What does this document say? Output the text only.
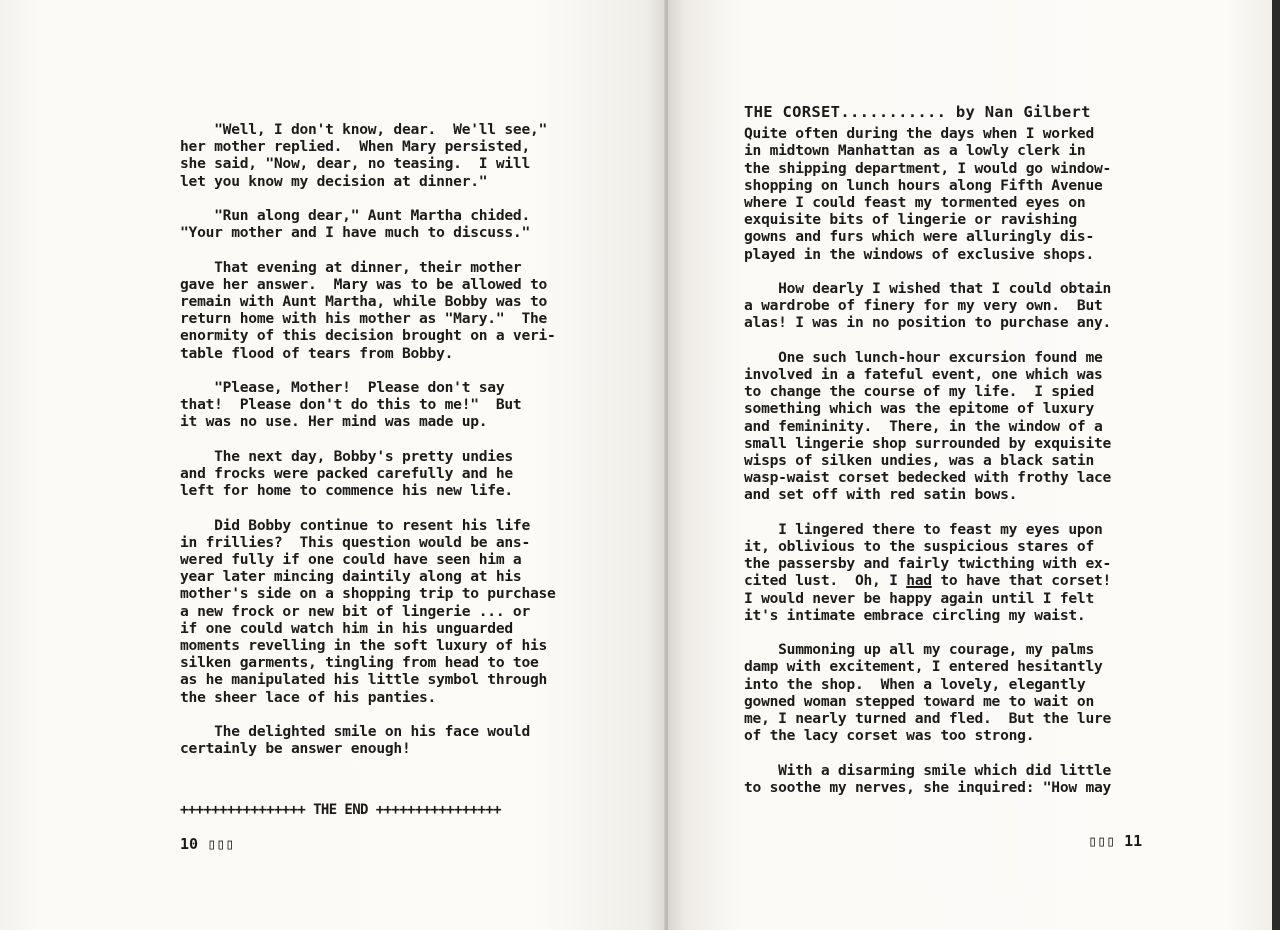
"Well, I don't know, dear.  We'll see,"
her mother replied.  When Mary persisted,
she said, "Now, dear, no teasing.  I will
let you know my decision at dinner."

"Run along dear," Aunt Martha chided.
"Your mother and I have much to discuss."

That evening at dinner, their mother
gave her answer.  Mary was to be allowed to
remain with Aunt Martha, while Bobby was to
return home with his mother as "Mary."  The
enormity of this decision brought on a veri-
table flood of tears from Bobby.

"Please, Mother!  Please don't say
that!  Please don't do this to me!"  But
it was no use. Her mind was made up.

The next day, Bobby's pretty undies
and frocks were packed carefully and he
left for home to commence his new life.

Did Bobby continue to resent his life
in frillies?  This question would be ans-
wered fully if one could have seen him a
year later mincing daintily along at his
mother's side on a shopping trip to purchase
a new frock or new bit of lingerie ... or
if one could watch him in his unguarded
moments revelling in the soft luxury of his
silken garments, tingling from head to toe
as he manipulated his little symbol through
the sheer lace of his panties.

The delighted smile on his face would
certainly be answer enough!

++++++++++++++++ THE END ++++++++++++++++
10 ▯▯▯

THE CORSET........... by Nan Gilbert

Quite often during the days when I worked
in midtown Manhattan as a lowly clerk in
the shipping department, I would go window-
shopping on lunch hours along Fifth Avenue
where I could feast my tormented eyes on
exquisite bits of lingerie or ravishing
gowns and furs which were alluringly dis-
played in the windows of exclusive shops.

How dearly I wished that I could obtain
a wardrobe of finery for my very own.  But
alas! I was in no position to purchase any.

One such lunch-hour excursion found me
involved in a fateful event, one which was
to change the course of my life.  I spied
something which was the epitome of luxury
and femininity.  There, in the window of a
small lingerie shop surrounded by exquisite
wisps of silken undies, was a black satin
wasp-waist corset bedecked with frothy lace
and set off with red satin bows.

I lingered there to feast my eyes upon
it, oblivious to the suspicious stares of
the passersby and fairly twicthing with ex-
cited lust.  Oh, I had to have that corset!
I would never be happy again until I felt
it's intimate embrace circling my waist.

Summoning up all my courage, my palms
damp with excitement, I entered hesitantly
into the shop.  When a lovely, elegantly
gowned woman stepped toward me to wait on
me, I nearly turned and fled.  But the lure
of the lacy corset was too strong.

With a disarming smile which did little
to soothe my nerves, she inquired: "How may

▯▯▯ 11
